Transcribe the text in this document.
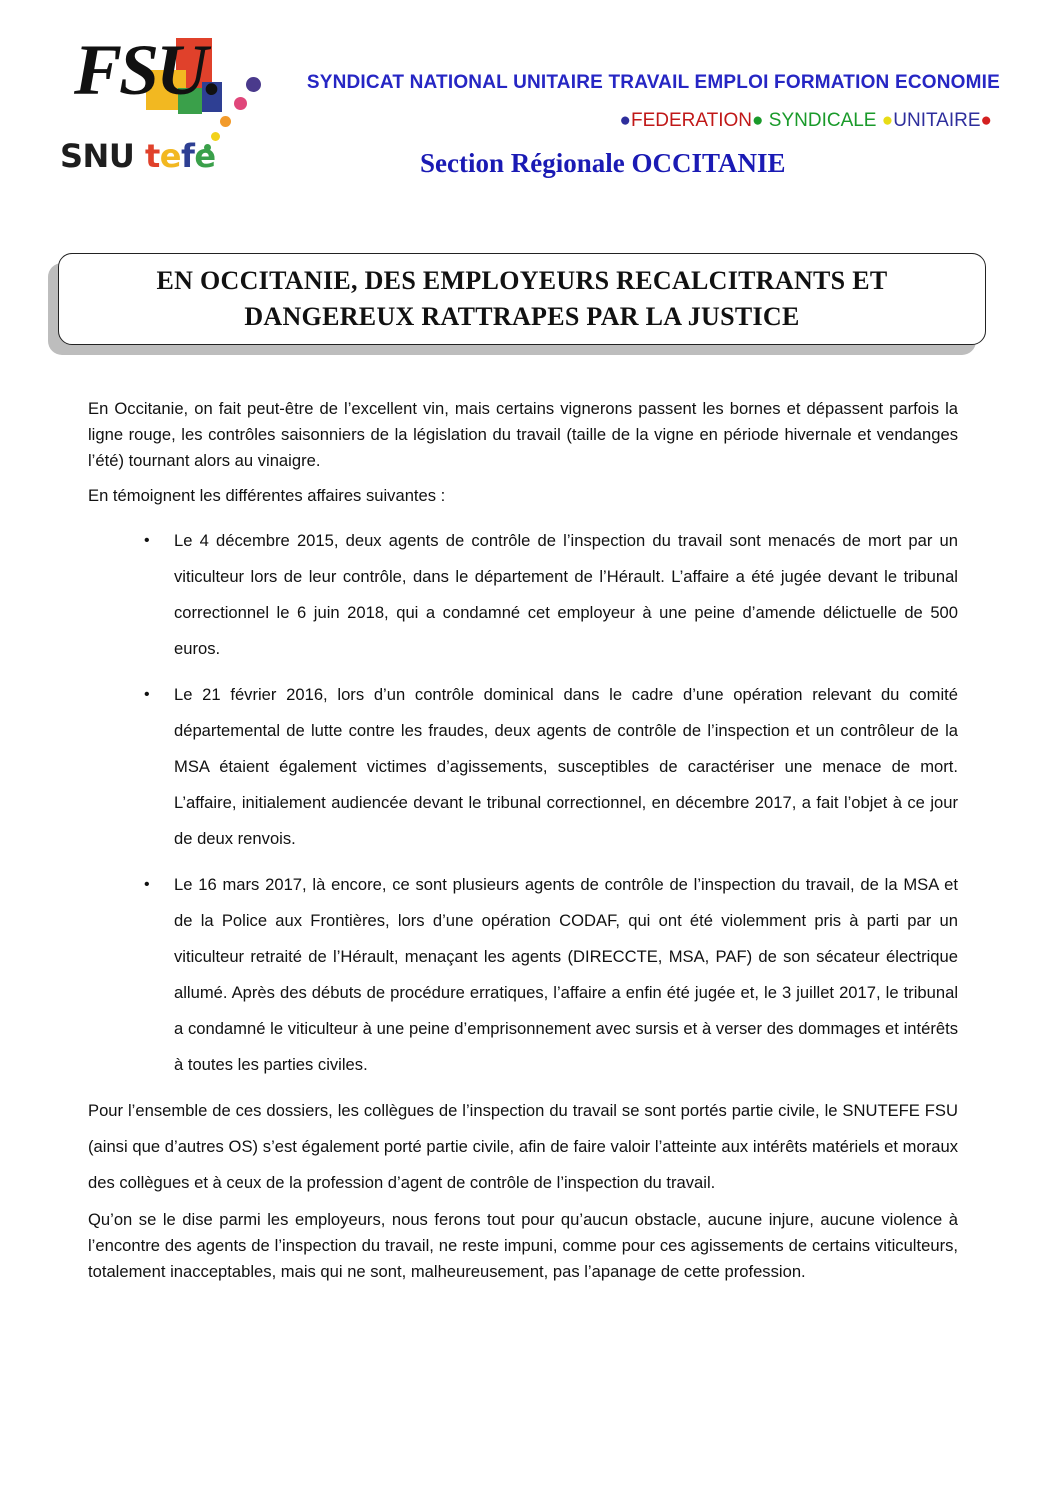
FSU.
SNU tefe
SYNDICAT NATIONAL UNITAIRE TRAVAIL EMPLOI FORMATION ECONOMIE
●FEDERATION● SYNDICALE ●UNITAIRE●
Section Régionale OCCITANIE
EN OCCITANIE, DES EMPLOYEURS RECALCITRANTS ET
DANGEREUX RATTRAPES PAR LA JUSTICE

En Occitanie, on fait peut-être de l’excellent vin, mais certains vignerons passent les bornes et dépassent parfois la ligne rouge, les contrôles saisonniers de la législation du travail (taille de la vigne en période hivernale et vendanges l’été) tournant alors au vinaigre.

En témoignent les différentes affaires suivantes :

• Le 4 décembre 2015, deux agents de contrôle de l’inspection du travail sont menacés de mort par un viticulteur lors de leur contrôle, dans le département de l’Hérault. L’affaire a été jugée devant le tribunal correctionnel le 6 juin 2018, qui a condamné cet employeur à une peine d’amende délictuelle de 500 euros.
• Le 21 février 2016, lors d’un contrôle dominical dans le cadre d’une opération relevant du comité départemental de lutte contre les fraudes, deux agents de contrôle de l’inspection et un contrôleur de la MSA étaient également victimes d’agissements, susceptibles de caractériser une menace de mort. L’affaire, initialement audiencée devant le tribunal correctionnel, en décembre 2017, a fait l’objet à ce jour de deux renvois.
• Le 16 mars 2017, là encore, ce sont plusieurs agents de contrôle de l’inspection du travail, de la MSA et de la Police aux Frontières, lors d’une opération CODAF, qui ont été violemment pris à parti par un viticulteur retraité de l’Hérault, menaçant les agents (DIRECCTE, MSA, PAF) de son sécateur électrique allumé. Après des débuts de procédure erratiques, l’affaire a enfin été jugée et, le 3 juillet 2017, le tribunal a condamné le viticulteur à une peine d’emprisonnement avec sursis et à verser des dommages et intérêts à toutes les parties civiles.

Pour l’ensemble de ces dossiers, les collègues de l’inspection du travail se sont portés partie civile, le SNUTEFE FSU (ainsi que d’autres OS) s’est également porté partie civile, afin de faire valoir l’atteinte aux intérêts matériels et moraux des collègues et à ceux de la profession d’agent de contrôle de l’inspection du travail.

Qu’on se le dise parmi les employeurs, nous ferons tout pour qu’aucun obstacle, aucune injure, aucune violence à l’encontre des agents de l’inspection du travail, ne reste impuni, comme pour ces agissements de certains viticulteurs, totalement inacceptables, mais qui ne sont, malheureusement, pas l’apanage de cette profession.
